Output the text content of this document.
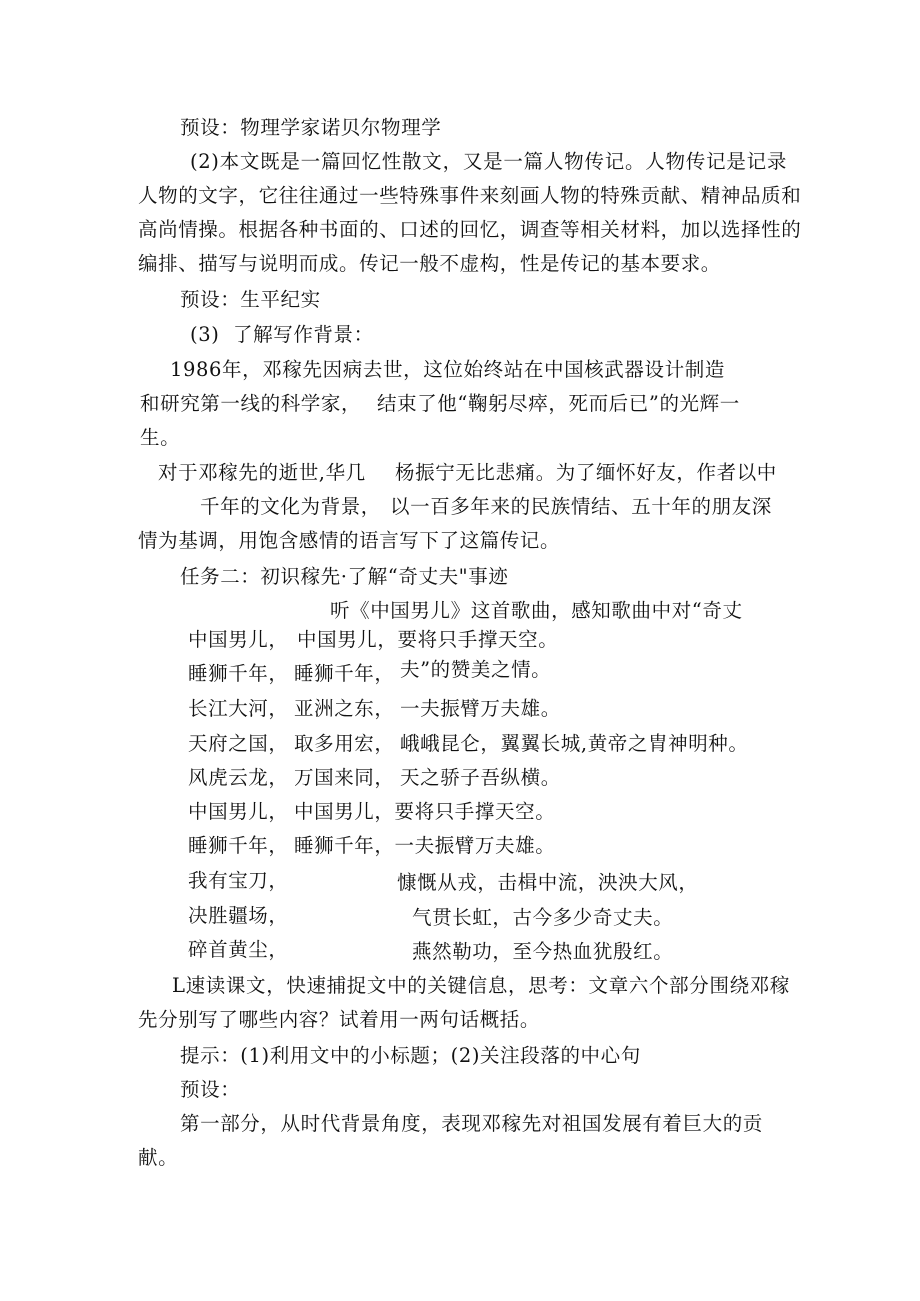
预设：物理学家诺贝尔物理学
(2)本文既是一篇回忆性散文，又是一篇人物传记。人物传记是记录
人物的文字，它往往通过一些特殊事件来刻画人物的特殊贡献、精神品质和
高尚情操。根据各种书面的、口述的回忆，调查等相关材料，加以选择性的
编排、描写与说明而成。传记一般不虚构，性是传记的基本要求。
预设：生平纪实
(3)  了解写作背景：
1986年，邓稼先因病去世，这位始终站在中国核武器设计制造
和研究第一线的科学家， 结束了他“鞠躬尽瘁，死而后已”的光辉一
生。
对于邓稼先的逝世,华几 杨振宁无比悲痛。为了缅怀好友，作者以中
千年的文化为背景， 以一百多年来的民族情结、五十年的朋友深
情为基调，用饱含感情的语言写下了这篇传记。
任务二：初识稼先·了解“奇丈夫"事迹
听《中国男儿》这首歌曲，感知歌曲中对“奇丈
中国男儿， 中国男儿，要将只手撑天空。
睡狮千年， 睡狮千年， 夫”的赞美之情。
长江大河， 亚洲之东， 一夫振臂万夫雄。
天府之国， 取多用宏， 峨峨昆仑，翼翼长城,黄帝之胄神明种。
风虎云龙， 万国来同， 天之骄子吾纵横。
中国男儿， 中国男儿，要将只手撑天空。
睡狮千年， 睡狮千年，一夫振臂万夫雄。
我有宝刀，	慷慨从戎，击楫中流，泱泱大风，
决胜疆场，	气贯长虹，古今多少奇丈夫。
碎首黄尘，	燕然勒功，至今热血犹殷红。
L速读课文，快速捕捉文中的关键信息，思考：文章六个部分围绕邓稼
先分别写了哪些内容？试着用一两句话概括。
提示：(1)利用文中的小标题；(2)关注段落的中心句
预设：
第一部分，从时代背景角度，表现邓稼先对祖国发展有着巨大的贡
献。
